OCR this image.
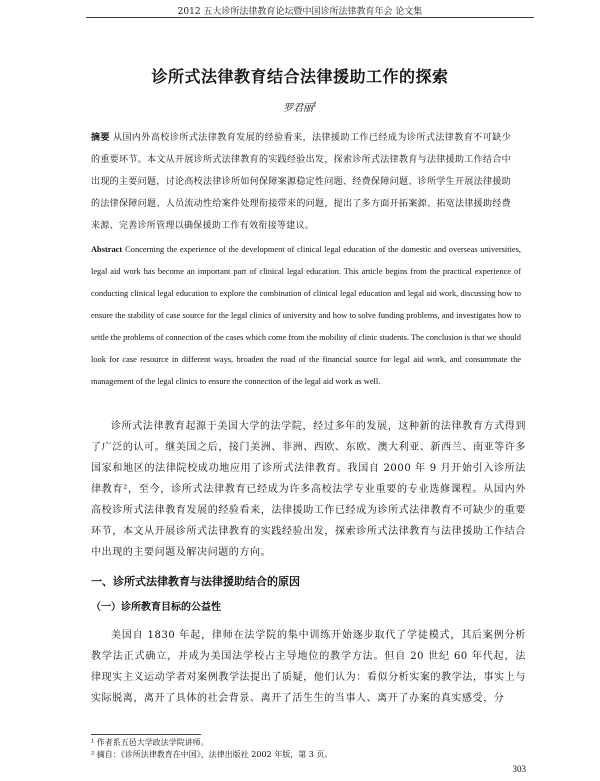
2012 五大诊所法律教育论坛暨中国诊所法律教育年会 论文集
诊所式法律教育结合法律援助工作的探索
罗君丽$^1$
摘要 从国内外高校诊所式法律教育发展的经验看来，法律援助工作已经成为诊所式法律教育不可缺少的重要环节。本文从开展诊所式法律教育的实践经验出发，探索诊所式法律教育与法律援助工作结合中出现的主要问题，讨论高校法律诊所如何保障案源稳定性问题、经费保障问题、诊所学生开展法律援助的法律保障问题、人员流动性给案件处理衔接带来的问题，提出了多方面开拓案源、拓宽法律援助经费来源、完善诊所管理以确保援助工作有效衔接等建议。
Abstract Concerning the experience of the development of clinical legal education of the domestic and overseas universities, legal aid work has become an important part of clinical legal education. This article begins from the practical experience of conducting clinical legal education to explore the combination of clinical legal education and legal aid work, discussing how to ensure the stability of case source for the legal clinics of university and how to solve funding problems, and investigates how to settle the problems of connection of the cases which come from the mobility of clinic students. The conclusion is that we should look for case resource in different ways, broaden the road of the financial source for legal aid work, and consummate the management of the legal clinics to ensure the connection of the legal aid work as well.
诊所式法律教育起源于美国大学的法学院，经过多年的发展，这种新的法律教育方式得到了广泛的认可。继美国之后，接门美洲、非洲、西欧、东欧、澳大利亚、新西兰、南亚等许多国家和地区的法律院校成功地应用了诊所式法律教育。我国自 2000 年 9 月开始引入诊所法律教育²，至今，诊所式法律教育已经成为许多高校法学专业重要的专业选修课程。从国内外高校诊所式法律教育发展的经验看来，法律援助工作已经成为诊所式法律教育不可缺少的重要环节，本文从开展诊所式法律教育的实践经验出发，探索诊所式法律教育与法律援助工作结合中出现的主要问题及解决问题的方向。
一、诊所式法律教育与法律援助结合的原因
（一）诊所教育目标的公益性
美国自 1830 年起，律师在法学院的集中训练开始逐步取代了学徒模式，其后案例分析教学法正式确立，并成为美国法学校占主导地位的教学方法。但自 20 世纪 60 年代起，法律现实主义运动学者对案例教学法提出了质疑，他们认为：看似分析实案的教学法，事实上与实际脱离，离开了具体的社会背景、离开了活生生的当事人、离开了办案的真实感受，分
¹ 作者系五邑大学政法学院讲师。
² 摘自：《诊所法律教育在中国》，法律出版社 2002 年版，第 3 页。
303
